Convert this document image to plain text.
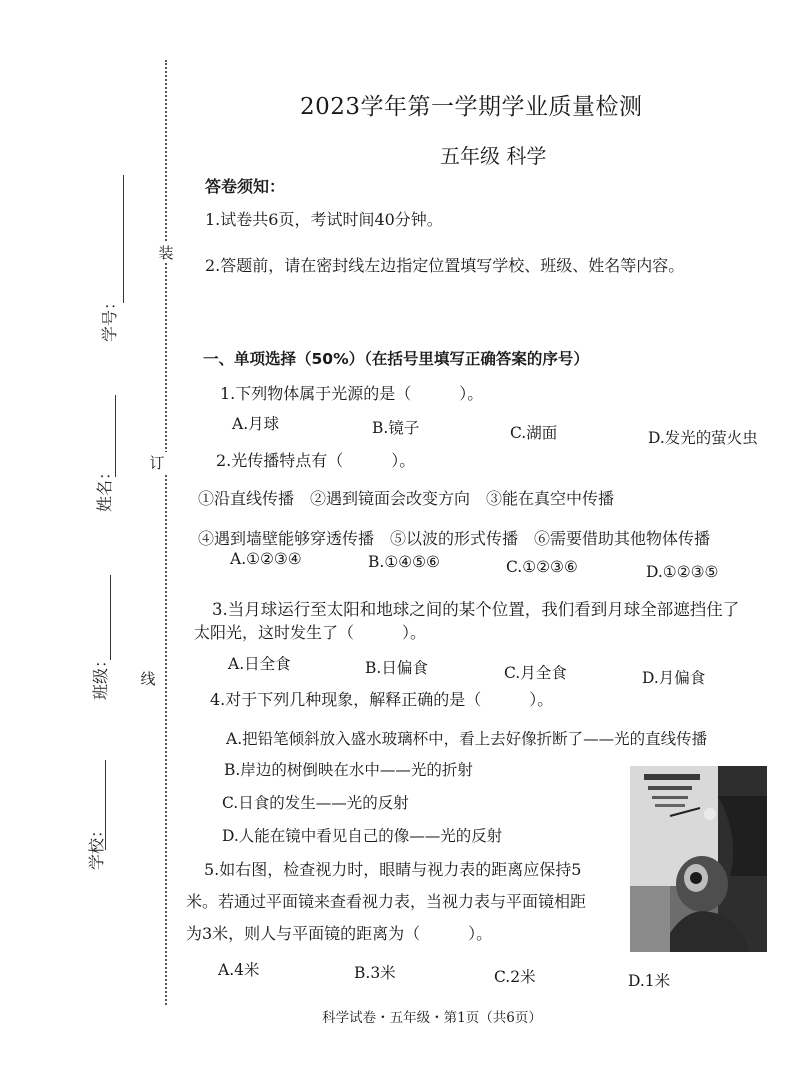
装
订
线
学号：
姓名：
班级：
学校：
2023学年第一学期学业质量检测
五年级 科学
答卷须知：
1.试卷共6页，考试时间40分钟。
2.答题前，请在密封线左边指定位置填写学校、班级、姓名等内容。
一、单项选择（50%）（在括号里填写正确答案的序号）
1.下列物体属于光源的是（　　　）。
A.月球	B.镜子	C.湖面	D.发光的萤火虫
2.光传播特点有（　　　）。
①沿直线传播　②遇到镜面会改变方向　③能在真空中传播
④遇到墙壁能够穿透传播　⑤以波的形式传播　⑥需要借助其他物体传播
A.①②③④	B.①④⑤⑥	C.①②③⑥	D.①②③⑤
3.当月球运行至太阳和地球之间的某个位置，我们看到月球全部遮挡住了
太阳光，这时发生了（　　　）。
A.日全食	B.日偏食	C.月全食	D.月偏食
4.对于下列几种现象，解释正确的是（　　　）。
A.把铅笔倾斜放入盛水玻璃杯中，看上去好像折断了——光的直线传播
B.岸边的树倒映在水中——光的折射
C.日食的发生——光的反射
D.人能在镜中看见自己的像——光的反射
5.如右图，检查视力时，眼睛与视力表的距离应保持5
米。若通过平面镜来查看视力表，当视力表与平面镜相距
为3米，则人与平面镜的距离为（　　　）。
A.4米	B.3米	C.2米	D.1米
科学试卷・五年级・第1页（共6页）
